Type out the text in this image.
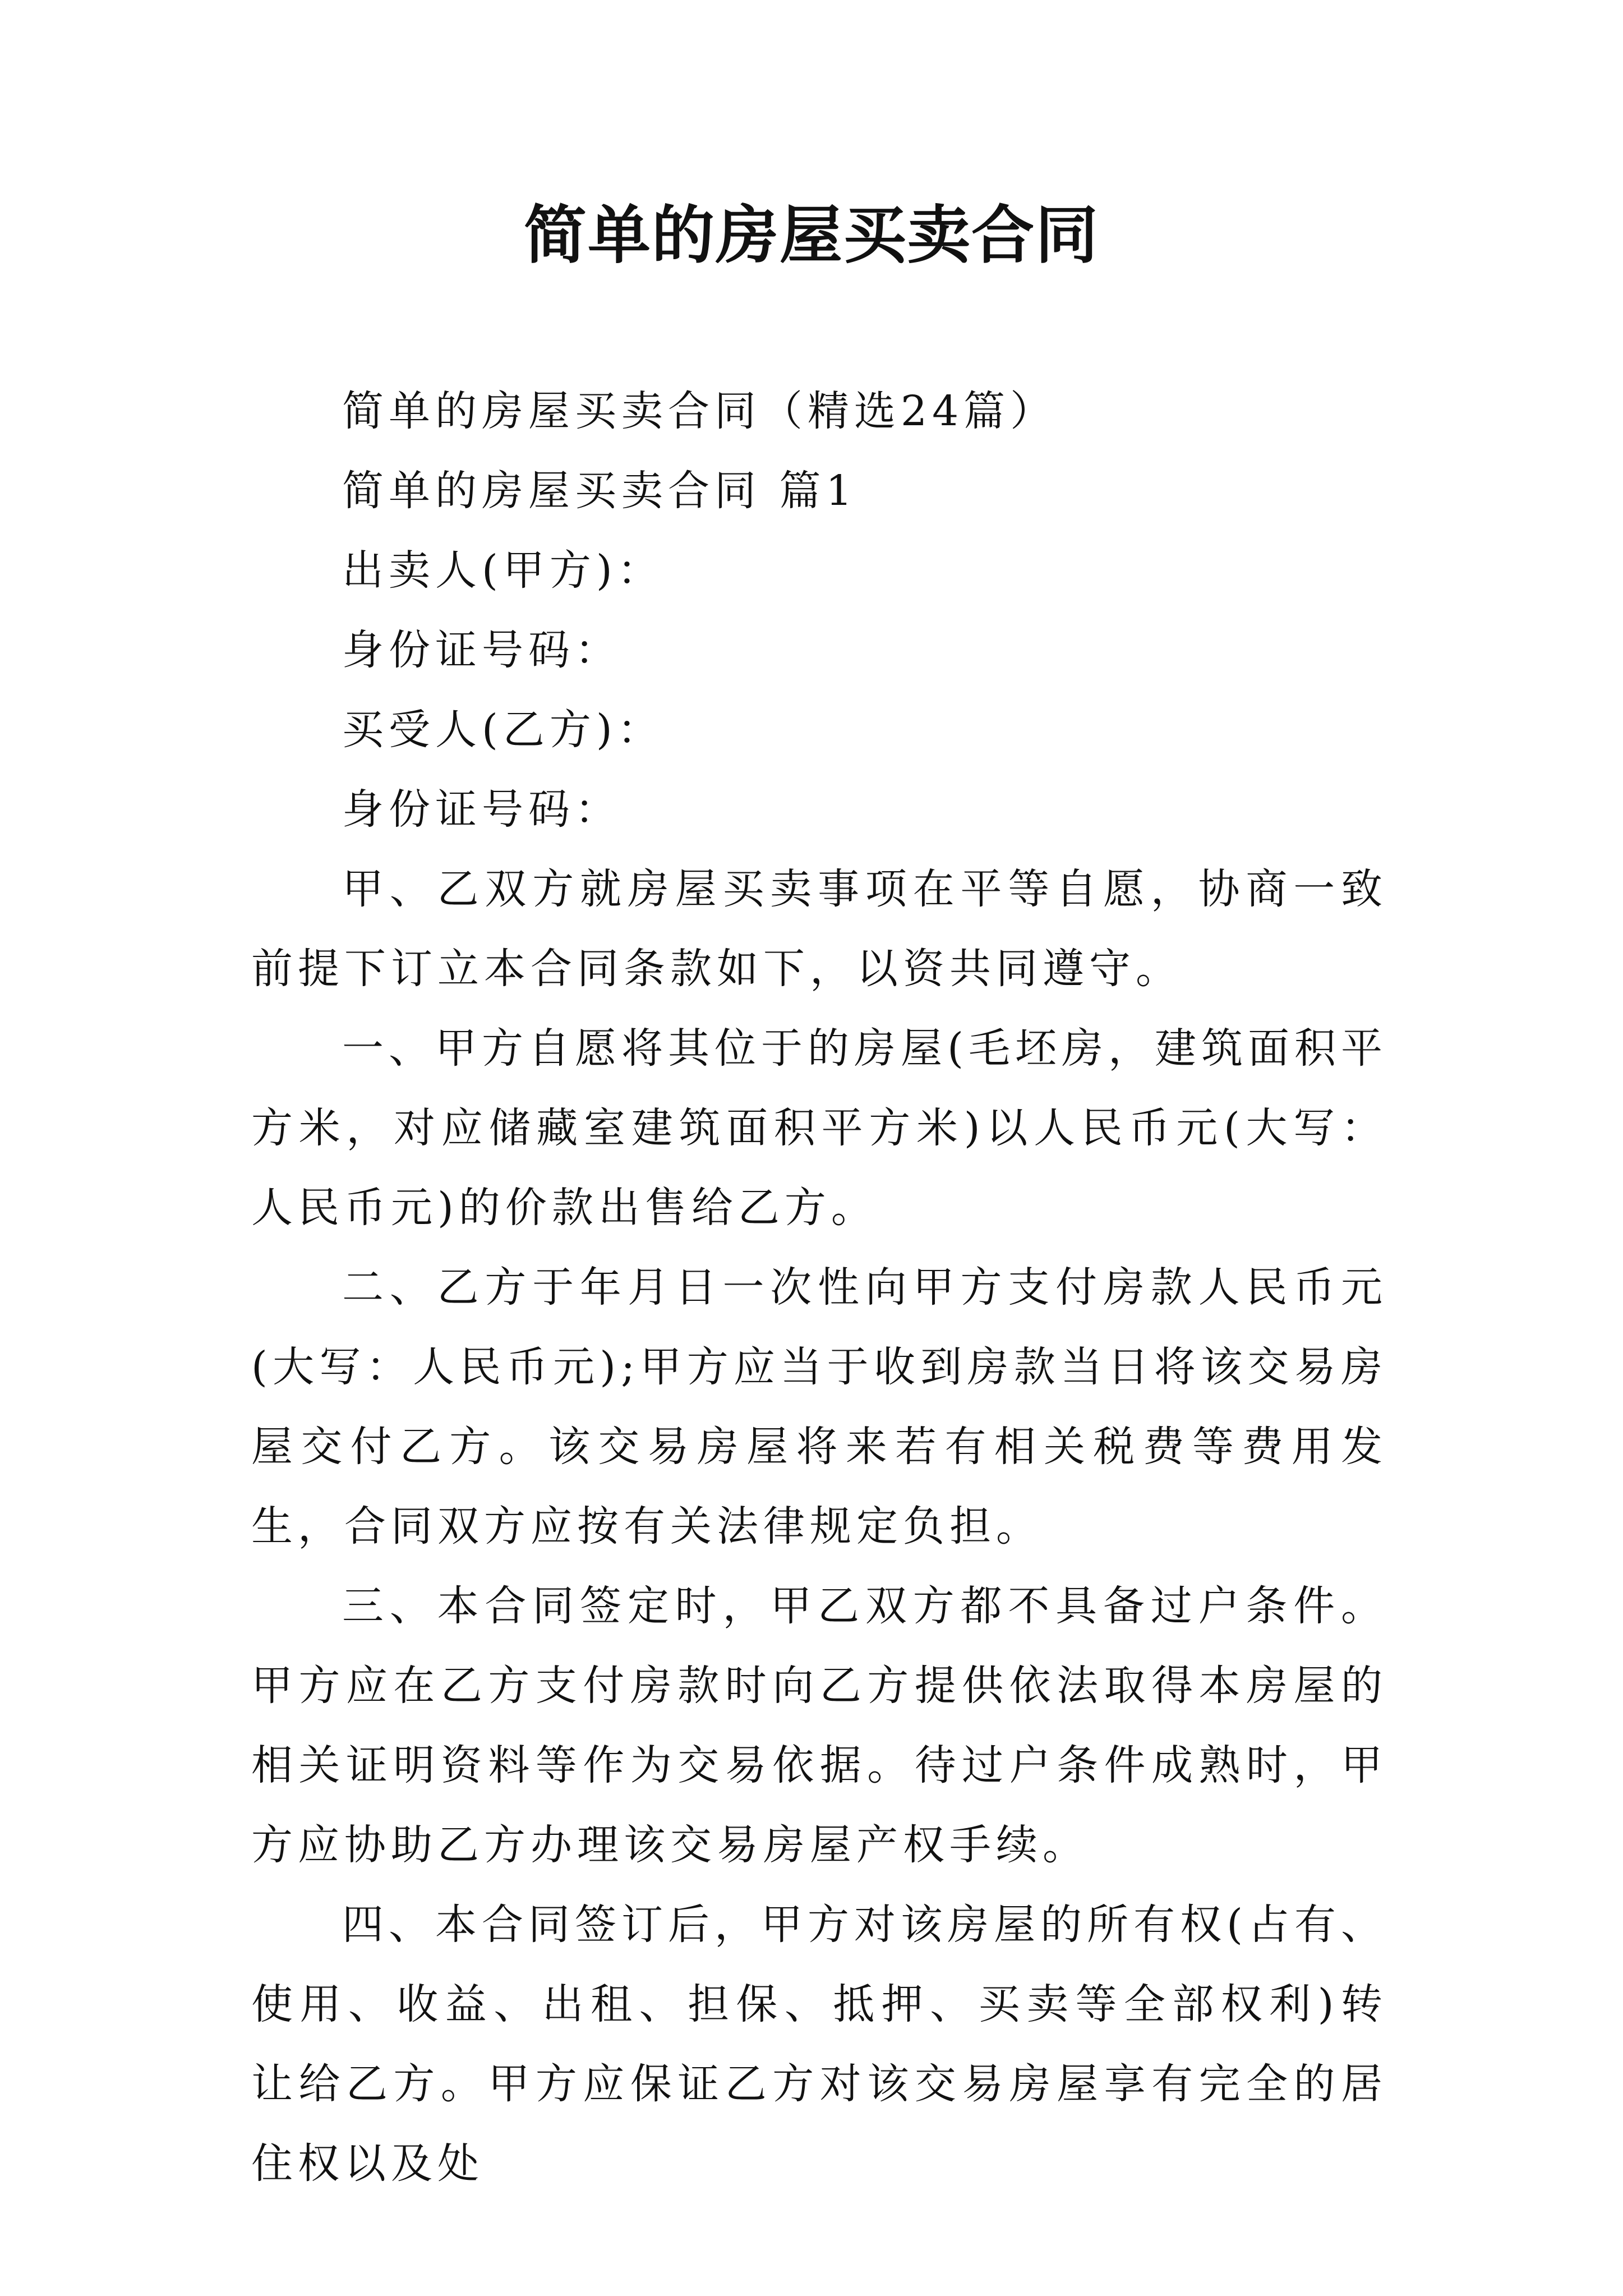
简单的房屋买卖合同

简单的房屋买卖合同（精选24篇）

简单的房屋买卖合同 篇1

出卖人(甲方)：

身份证号码：

买受人(乙方)：

身份证号码：

甲、乙双方就房屋买卖事项在平等自愿，协商一致前提下订立本合同条款如下，以资共同遵守。

一、甲方自愿将其位于的房屋(毛坯房，建筑面积平方米，对应储藏室建筑面积平方米)以人民币元(大写：人民币元)的价款出售给乙方。

二、乙方于年月日一次性向甲方支付房款人民币元(大写：人民币元);甲方应当于收到房款当日将该交易房屋交付乙方。该交易房屋将来若有相关税费等费用发生，合同双方应按有关法律规定负担。

三、本合同签定时，甲乙双方都不具备过户条件。甲方应在乙方支付房款时向乙方提供依法取得本房屋的相关证明资料等作为交易依据。待过户条件成熟时，甲方应协助乙方办理该交易房屋产权手续。

四、本合同签订后，甲方对该房屋的所有权(占有、使用、收益、出租、担保、抵押、买卖等全部权利)转让给乙方。甲方应保证乙方对该交易房屋享有完全的居住权以及处
